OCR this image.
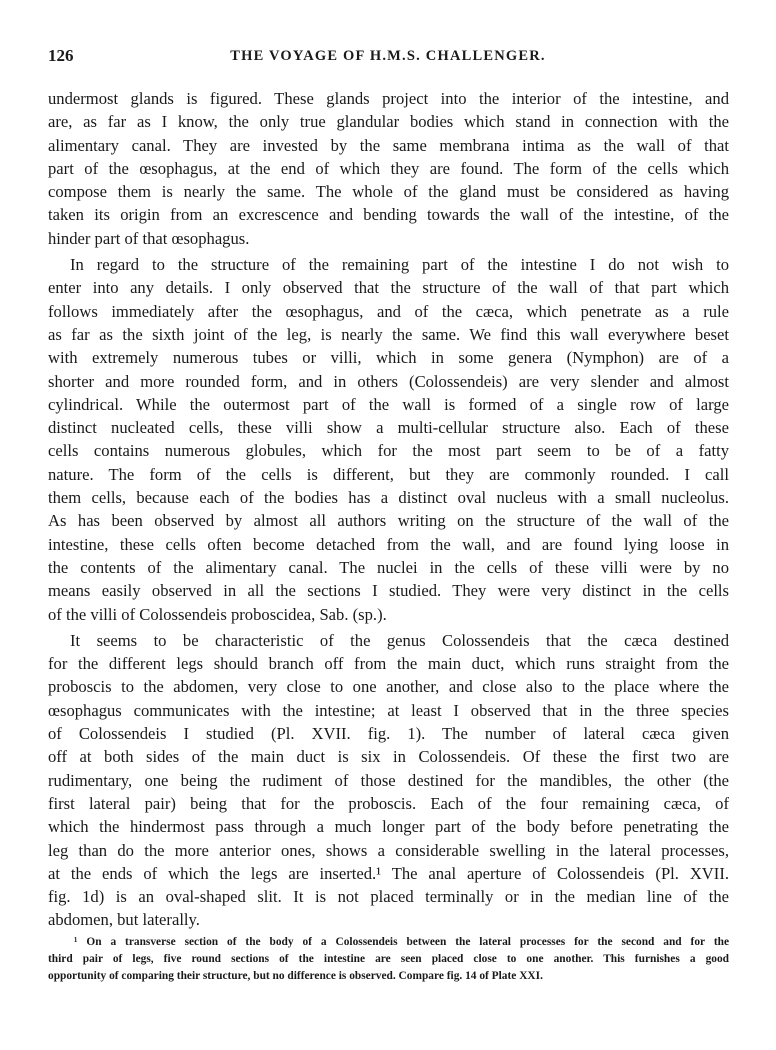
126	THE VOYAGE OF H.M.S. CHALLENGER.
undermost glands is figured. These glands project into the interior of the intestine, and
are, as far as I know, the only true glandular bodies which stand in connection with the
alimentary canal. They are invested by the same membrana intima as the wall of that
part of the œsophagus, at the end of which they are found. The form of the cells which
compose them is nearly the same. The whole of the gland must be considered as having
taken its origin from an excrescence and bending towards the wall of the intestine, of the
hinder part of that œsophagus.
In regard to the structure of the remaining part of the intestine I do not wish to
enter into any details. I only observed that the structure of the wall of that part which
follows immediately after the œsophagus, and of the cæca, which penetrate as a rule
as far as the sixth joint of the leg, is nearly the same. We find this wall everywhere beset
with extremely numerous tubes or villi, which in some genera (Nymphon) are of a
shorter and more rounded form, and in others (Colossendeis) are very slender and almost
cylindrical. While the outermost part of the wall is formed of a single row of large
distinct nucleated cells, these villi show a multi-cellular structure also. Each of these
cells contains numerous globules, which for the most part seem to be of a fatty
nature. The form of the cells is different, but they are commonly rounded. I call
them cells, because each of the bodies has a distinct oval nucleus with a small nucleolus.
As has been observed by almost all authors writing on the structure of the wall of the
intestine, these cells often become detached from the wall, and are found lying loose in
the contents of the alimentary canal. The nuclei in the cells of these villi were by no
means easily observed in all the sections I studied. They were very distinct in the cells
of the villi of Colossendeis proboscidea, Sab. (sp.).
It seems to be characteristic of the genus Colossendeis that the cæca destined
for the different legs should branch off from the main duct, which runs straight from the
proboscis to the abdomen, very close to one another, and close also to the place where the
œsophagus communicates with the intestine; at least I observed that in the three species
of Colossendeis I studied (Pl. XVII. fig. 1). The number of lateral cæca given
off at both sides of the main duct is six in Colossendeis. Of these the first two are
rudimentary, one being the rudiment of those destined for the mandibles, the other (the
first lateral pair) being that for the proboscis. Each of the four remaining cæca, of
which the hindermost pass through a much longer part of the body before penetrating the
leg than do the more anterior ones, shows a considerable swelling in the lateral processes,
at the ends of which the legs are inserted.¹ The anal aperture of Colossendeis (Pl. XVII.
fig. 1d) is an oval-shaped slit. It is not placed terminally or in the median line of the
abdomen, but laterally.
¹ On a transverse section of the body of a Colossendeis between the lateral processes for the second and for the
third pair of legs, five round sections of the intestine are seen placed close to one another. This furnishes a good
opportunity of comparing their structure, but no difference is observed. Compare fig. 14 of Plate XXI.
